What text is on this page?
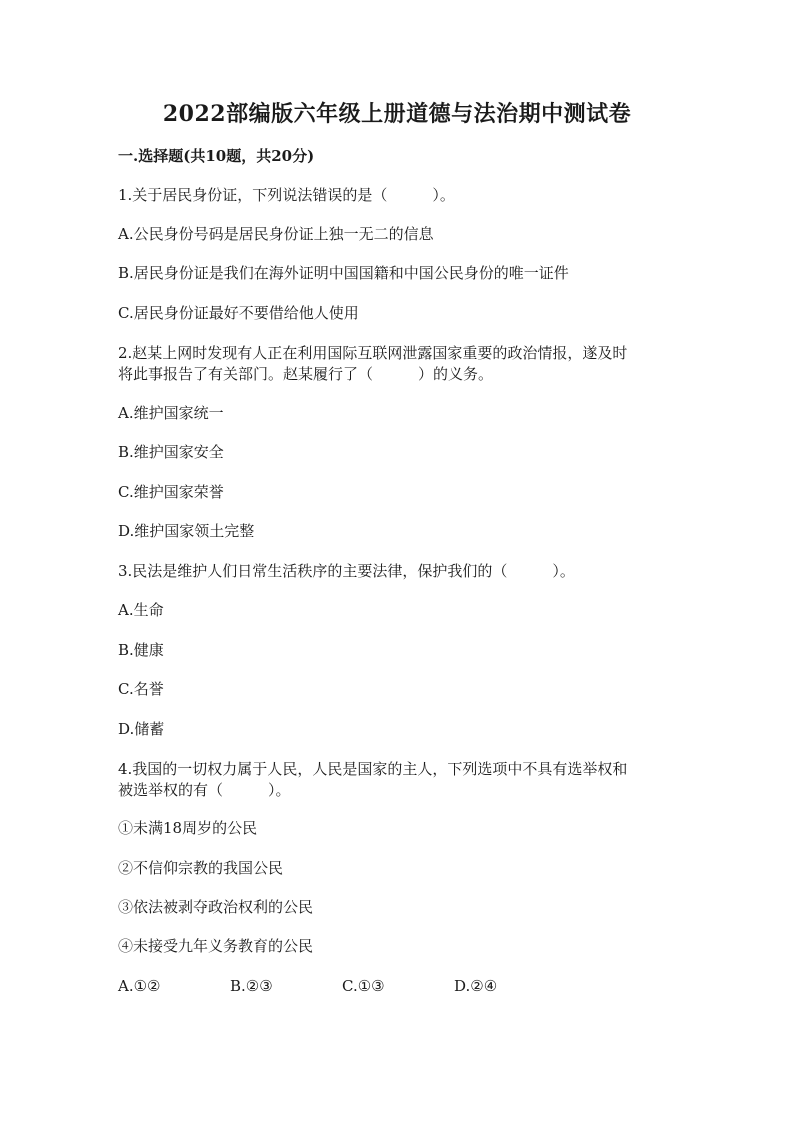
2022部编版六年级上册道德与法治期中测试卷

一.选择题(共10题，共20分)

1.关于居民身份证，下列说法错误的是（　　　）。

A.公民身份号码是居民身份证上独一无二的信息

B.居民身份证是我们在海外证明中国国籍和中国公民身份的唯一证件

C.居民身份证最好不要借给他人使用

2.赵某上网时发现有人正在利用国际互联网泄露国家重要的政治情报，遂及时

将此事报告了有关部门。赵某履行了（　　　）的义务。

A.维护国家统一

B.维护国家安全

C.维护国家荣誉

D.维护国家领土完整

3.民法是维护人们日常生活秩序的主要法律，保护我们的（　　　）。

A.生命

B.健康

C.名誉

D.储蓄

4.我国的一切权力属于人民，人民是国家的主人，下列选项中不具有选举权和

被选举权的有（　　　）。

①未满18周岁的公民

②不信仰宗教的我国公民

③依法被剥夺政治权利的公民

④未接受九年义务教育的公民

A.①②	B.②③	C.①③	D.②④
